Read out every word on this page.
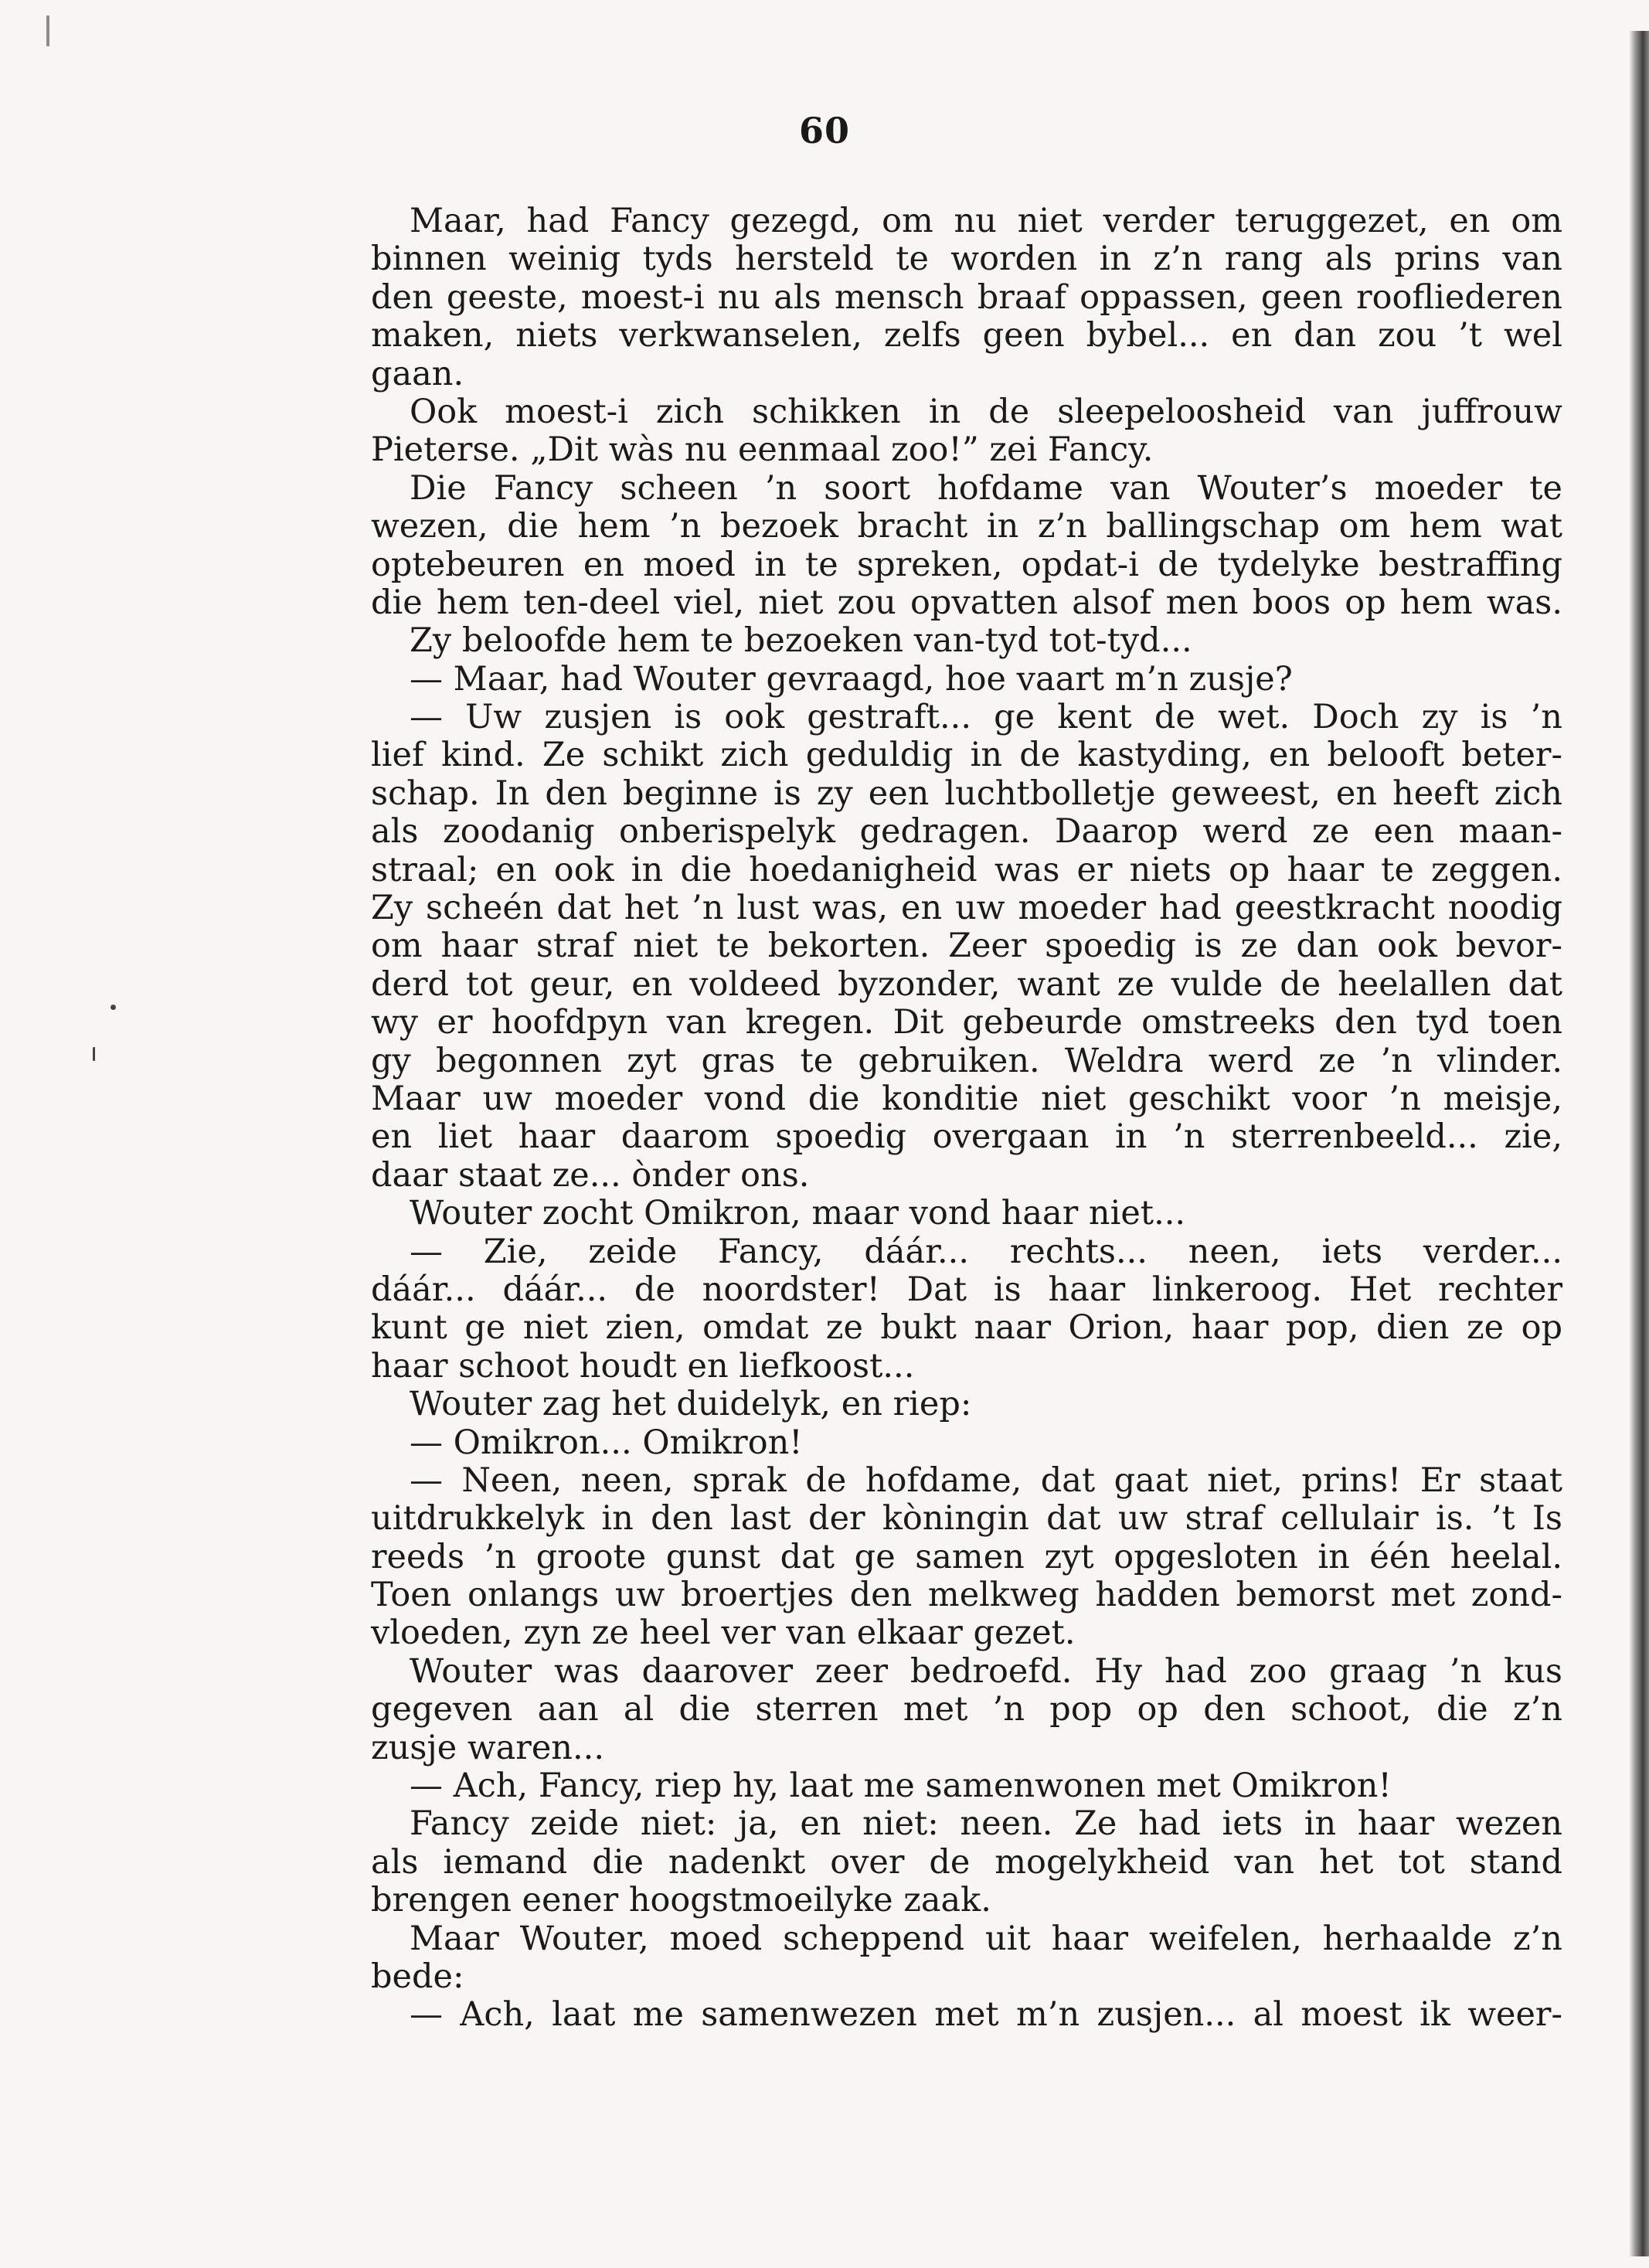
60
Maar, had Fancy gezegd, om nu niet verder teruggezet, en om
binnen weinig tyds hersteld te worden in z’n rang als prins van
den geeste, moest-i nu als mensch braaf oppassen, geen roofliederen
maken, niets verkwanselen, zelfs geen bybel... en dan zou ’t wel
gaan.
Ook moest-i zich schikken in de sleepeloosheid van juffrouw
Pieterse. „Dit wàs nu eenmaal zoo!” zei Fancy.
Die Fancy scheen ’n soort hofdame van Wouter’s moeder te
wezen, die hem ’n bezoek bracht in z’n ballingschap om hem wat
optebeuren en moed in te spreken, opdat-i de tydelyke bestraffing
die hem ten-deel viel, niet zou opvatten alsof men boos op hem was.
Zy beloofde hem te bezoeken van-tyd tot-tyd...
— Maar, had Wouter gevraagd, hoe vaart m’n zusje?
— Uw zusjen is ook gestraft... ge kent de wet. Doch zy is ’n
lief kind. Ze schikt zich geduldig in de kastyding, en belooft beter-
schap. In den beginne is zy een luchtbolletje geweest, en heeft zich
als zoodanig onberispelyk gedragen. Daarop werd ze een maan-
straal; en ook in die hoedanigheid was er niets op haar te zeggen.
Zy scheén dat het ’n lust was, en uw moeder had geestkracht noodig
om haar straf niet te bekorten. Zeer spoedig is ze dan ook bevor-
derd tot geur, en voldeed byzonder, want ze vulde de heelallen dat
wy er hoofdpyn van kregen. Dit gebeurde omstreeks den tyd toen
gy begonnen zyt gras te gebruiken. Weldra werd ze ’n vlinder.
Maar uw moeder vond die konditie niet geschikt voor ’n meisje,
en liet haar daarom spoedig overgaan in ’n sterrenbeeld... zie,
daar staat ze... ònder ons.
Wouter zocht Omikron, maar vond haar niet...
— Zie, zeide Fancy, dáár... rechts... neen, iets verder...
dáár... dáár... de noordster! Dat is haar linkeroog. Het rechter
kunt ge niet zien, omdat ze bukt naar Orion, haar pop, dien ze op
haar schoot houdt en liefkoost...
Wouter zag het duidelyk, en riep:
— Omikron... Omikron!
— Neen, neen, sprak de hofdame, dat gaat niet, prins! Er staat
uitdrukkelyk in den last der kòningin dat uw straf cellulair is. ’t Is
reeds ’n groote gunst dat ge samen zyt opgesloten in één heelal.
Toen onlangs uw broertjes den melkweg hadden bemorst met zond-
vloeden, zyn ze heel ver van elkaar gezet.
Wouter was daarover zeer bedroefd. Hy had zoo graag ’n kus
gegeven aan al die sterren met ’n pop op den schoot, die z’n
zusje waren...
— Ach, Fancy, riep hy, laat me samenwonen met Omikron!
Fancy zeide niet: ja, en niet: neen. Ze had iets in haar wezen
als iemand die nadenkt over de mogelykheid van het tot stand
brengen eener hoogstmoeilyke zaak.
Maar Wouter, moed scheppend uit haar weifelen, herhaalde z’n
bede:
— Ach, laat me samenwezen met m’n zusjen... al moest ik weer-
